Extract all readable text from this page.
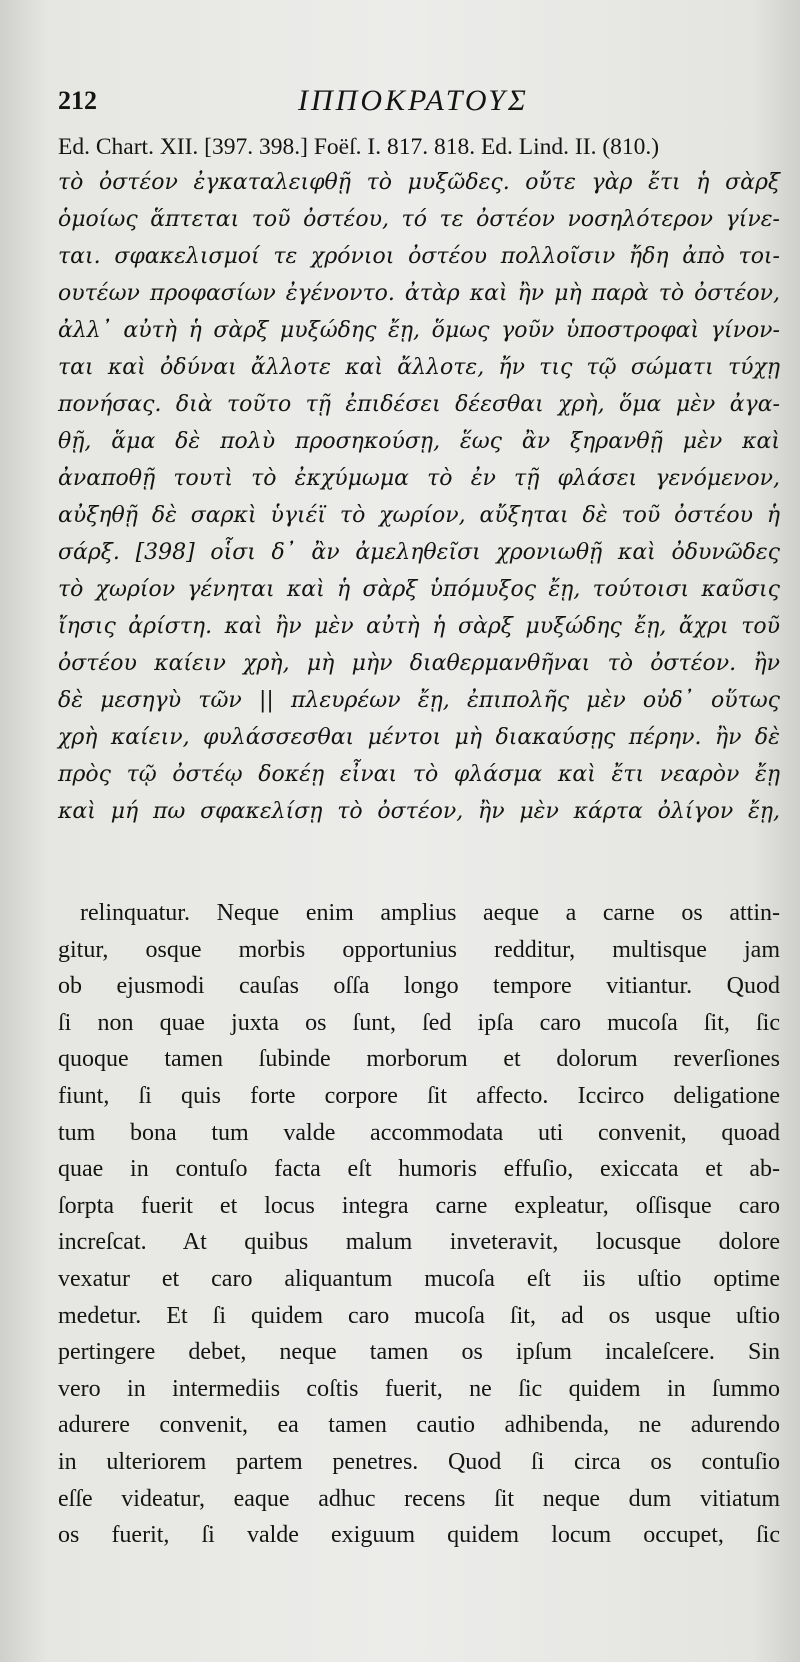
212	ΙΠΠΟΚΡΑΤΟΥΣ
Ed. Chart. XII. [397. 398.] Foëſ. I. 817. 818. Ed. Lind. II. (810.)
τὸ ὀστέον ἐγκαταλειφθῇ τὸ μυξῶδες. οὔτε γὰρ ἔτι ἡ σὰρξ
ὁμοίως ἅπτεται τοῦ ὀστέου, τό τε ὀστέον νοσηλότερον γίνε-
ται. σφακελισμοί τε χρόνιοι ὀστέου πολλοῖσιν ἤδη ἀπὸ τοι-
ουτέων προφασίων ἐγένοντο. ἀτὰρ καὶ ἢν μὴ παρὰ τὸ ὀστέον,
ἀλλ᾽ αὐτὴ ἡ σὰρξ μυξώδης ἔῃ, ὅμως γοῦν ὑποστροφαὶ γίνον-
ται καὶ ὀδύναι ἄλλοτε καὶ ἄλλοτε, ἤν τις τῷ σώματι τύχῃ
πονήσας. διὰ τοῦτο τῇ ἐπιδέσει δέεσθαι χρὴ, ὅμα μὲν ἀγα-
θῇ, ἅμα δὲ πολὺ προσηκούσῃ, ἕως ἂν ξηρανθῇ μὲν καὶ
ἀναποθῇ τουτὶ τὸ ἐκχύμωμα τὸ ἐν τῇ φλάσει γενόμενον,
αὐξηθῇ δὲ σαρκὶ ὑγιέϊ τὸ χωρίον, αὔξηται δὲ τοῦ ὀστέου ἡ
σάρξ. [398] οἷσι δ᾽ ἂν ἀμεληθεῖσι χρονιωθῇ καὶ ὀδυνῶδες
τὸ χωρίον γένηται καὶ ἡ σὰρξ ὑπόμυξος ἔῃ, τούτοισι καῦσις
ἴησις ἀρίστη. καὶ ἢν μὲν αὐτὴ ἡ σὰρξ μυξώδης ἔῃ, ἄχρι τοῦ
ὀστέου καίειν χρὴ, μὴ μὴν διαθερμανθῆναι τὸ ὀστέον. ἢν
δὲ μεσηγὺ τῶν || πλευρέων ἔῃ, ἐπιπολῆς μὲν οὐδ᾽ οὕτως
χρὴ καίειν, φυλάσσεσθαι μέντοι μὴ διακαύσῃς πέρην. ἢν δὲ
πρὸς τῷ ὀστέῳ δοκέῃ εἶναι τὸ φλάσμα καὶ ἔτι νεαρὸν ἔῃ
καὶ μή πω σφακελίσῃ τὸ ὀστέον, ἢν μὲν κάρτα ὀλίγον ἔῃ,
relinquatur. Neque enim amplius aeque a carne os attin-
gitur, osque morbis opportunius redditur, multisque jam
ob ejusmodi cauſas oſſa longo tempore vitiantur. Quod
ſi non quae juxta os ſunt, ſed ipſa caro mucoſa ſit, ſic
quoque tamen ſubinde morborum et dolorum reverſiones
fiunt, ſi quis forte corpore ſit affecto. Iccirco deligatione
tum bona tum valde accommodata uti convenit, quoad
quae in contuſo facta eſt humoris effuſio, exiccata et ab-
ſorpta fuerit et locus integra carne expleatur, oſſisque caro
increſcat. At quibus malum inveteravit, locusque dolore
vexatur et caro aliquantum mucoſa eſt iis uſtio optime
medetur. Et ſi quidem caro mucoſa ſit, ad os usque uſtio
pertingere debet, neque tamen os ipſum incaleſcere. Sin
vero in intermediis coſtis fuerit, ne ſic quidem in ſummo
adurere convenit, ea tamen cautio adhibenda, ne adurendo
in ulteriorem partem penetres. Quod ſi circa os contuſio
eſſe videatur, eaque adhuc recens ſit neque dum vitiatum
os fuerit, ſi valde exiguum quidem locum occupet, ſic
